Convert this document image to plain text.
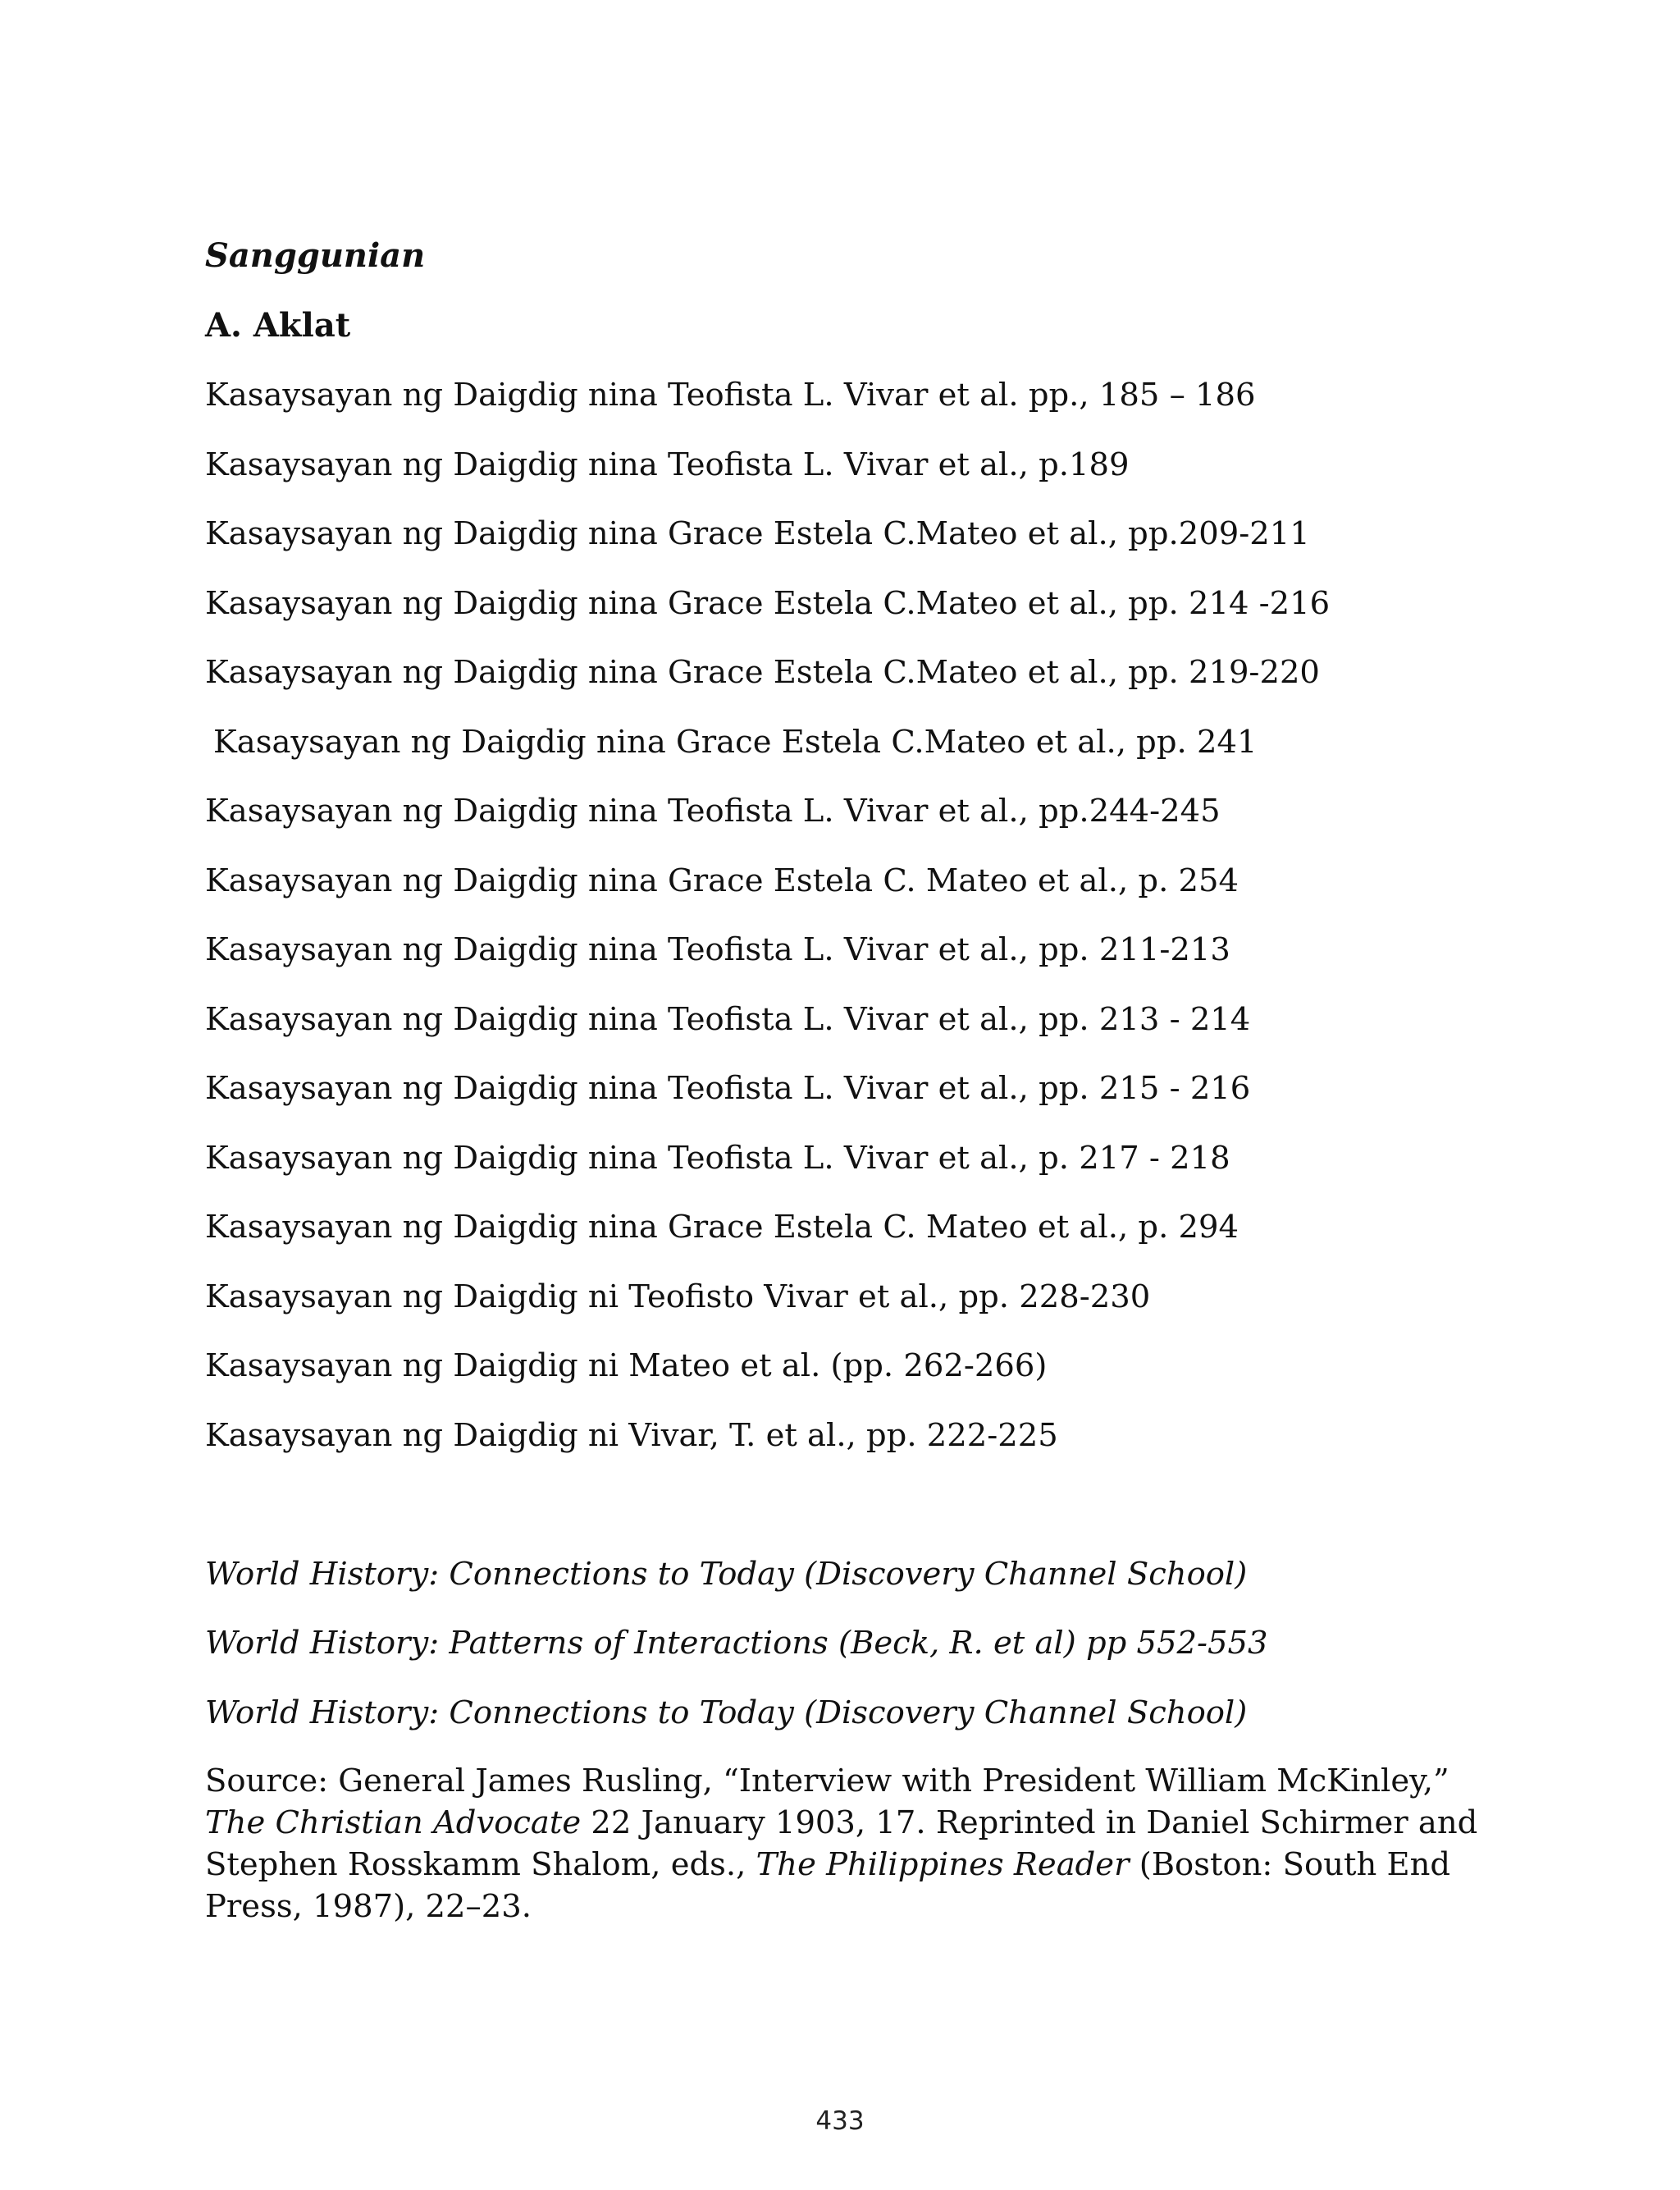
Sanggunian
A. Aklat
Kasaysayan ng Daigdig nina Teofista L. Vivar et al. pp., 185 – 186
Kasaysayan ng Daigdig nina Teofista L. Vivar et al., p.189
Kasaysayan ng Daigdig nina Grace Estela C.Mateo et al., pp.209-211
Kasaysayan ng Daigdig nina Grace Estela C.Mateo et al., pp. 214 -216
Kasaysayan ng Daigdig nina Grace Estela C.Mateo et al., pp. 219-220
Kasaysayan ng Daigdig nina Grace Estela C.Mateo et al., pp. 241
Kasaysayan ng Daigdig nina Teofista L. Vivar et al., pp.244-245
Kasaysayan ng Daigdig nina Grace Estela C. Mateo et al., p. 254
Kasaysayan ng Daigdig nina Teofista L. Vivar et al., pp. 211-213
Kasaysayan ng Daigdig nina Teofista L. Vivar et al., pp. 213 - 214
Kasaysayan ng Daigdig nina Teofista L. Vivar et al., pp. 215 - 216
Kasaysayan ng Daigdig nina Teofista L. Vivar et al., p. 217 - 218
Kasaysayan ng Daigdig nina Grace Estela C. Mateo et al., p. 294
Kasaysayan ng Daigdig ni Teofisto Vivar et al., pp. 228-230
Kasaysayan ng Daigdig ni Mateo et al. (pp. 262-266)
Kasaysayan ng Daigdig ni Vivar, T. et al., pp. 222-225
World History: Connections to Today (Discovery Channel School)
World History: Patterns of Interactions (Beck, R. et al) pp 552-553
World History: Connections to Today (Discovery Channel School)

Source: General James Rusling, “Interview with President William McKinley,” The Christian Advocate 22 January 1903, 17. Reprinted in Daniel Schirmer and Stephen Rosskamm Shalom, eds., The Philippines Reader (Boston: South End Press, 1987), 22–23.

433
